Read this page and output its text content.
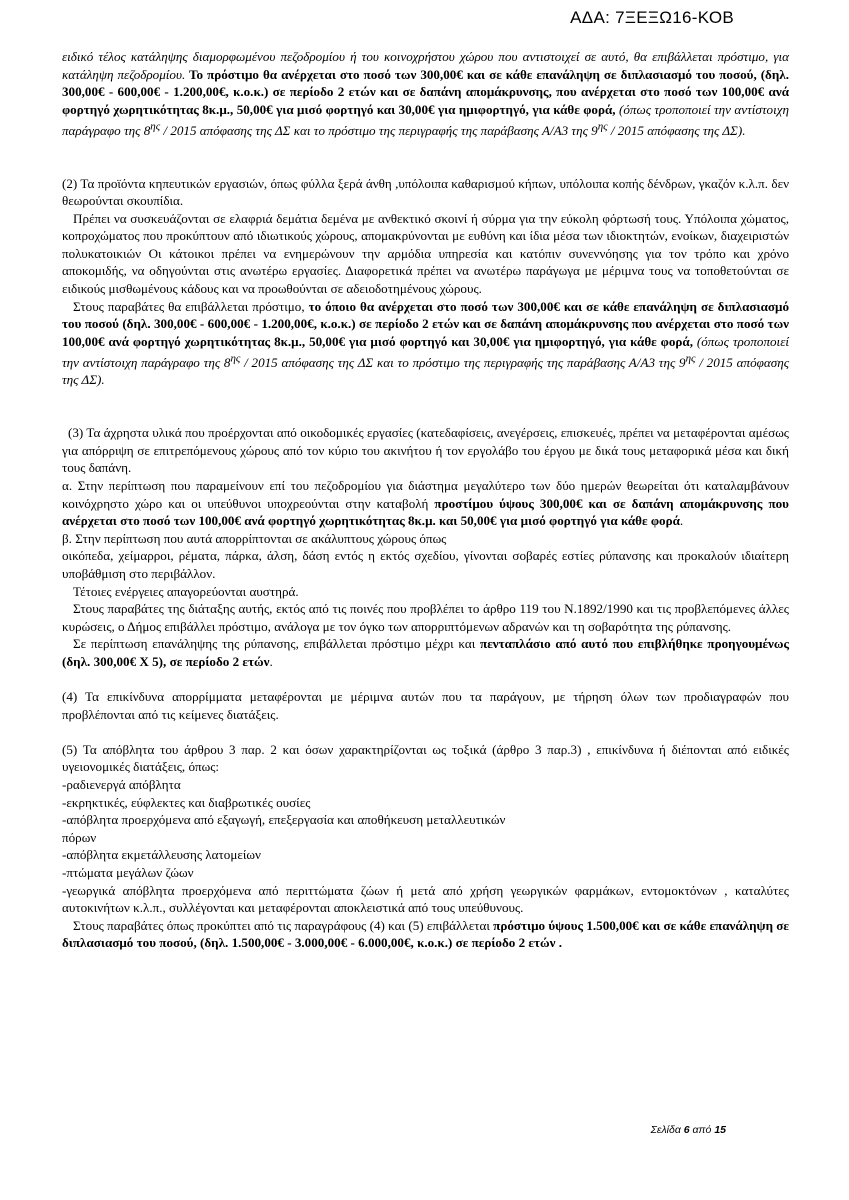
ΑΔΑ: 7ΞΕΞΩ16-ΚΟΒ

ειδικό τέλος κατάληψης διαμορφωμένου πεζοδρομίου ή του κοινοχρήστου χώρου που αντιστοιχεί σε αυτό, θα επιβάλλεται πρόστιμο, για κατάληψη πεζοδρομίου. Το πρόστιμο θα ανέρχεται στο ποσό των 300,00€ και σε κάθε επανάληψη σε διπλασιασμό του ποσού, (δηλ. 300,00€ - 600,00€ - 1.200,00€, κ.ο.κ.) σε περίοδο 2 ετών και σε δαπάνη απομάκρυνσης, που ανέρχεται στο ποσό των 100,00€ ανά φορτηγό χωρητικότητας 8κ.μ., 50,00€ για μισό φορτηγό και 30,00€ για ημιφορτηγό, για κάθε φορά, (όπως τροποποιεί την αντίστοιχη παράγραφο της $8^{\eta\varsigma} / 2015$ απόφασης της ΔΣ και το πρόστιμο της περιγραφής της παράβασης Α/Α3 της $9^{\eta\varsigma} / 2015$ απόφασης της ΔΣ).

(2) Τα προϊόντα κηπευτικών εργασιών, όπως φύλλα ξερά άνθη ,υπόλοιπα καθαρισμού κήπων, υπόλοιπα κοπής δένδρων, γκαζόν κ.λ.π. δεν θεωρούνται σκουπίδια.

Πρέπει να συσκευάζονται σε ελαφριά δεμάτια δεμένα με ανθεκτικό σκοινί ή σύρμα για την εύκολη φόρτωσή τους. Υπόλοιπα χώματος, κοπροχώματος που προκύπτουν από ιδιωτικούς χώρους, απομακρύνονται με ευθύνη και ίδια μέσα των ιδιοκτητών, ενοίκων, διαχειριστών πολυκατοικιών Οι κάτοικοι πρέπει να ενημερώνουν την αρμόδια υπηρεσία και κατόπιν συνεννόησης για τον τρόπο και χρόνο αποκομιδής, να οδηγούνται στις ανωτέρω εργασίες. Διαφορετικά πρέπει να ανωτέρω παράγωγα με μέριμνα τους να τοποθετούνται σε ειδικούς μισθωμένους κάδους και να προωθούνται σε αδειοδοτημένους χώρους.

Στους παραβάτες θα επιβάλλεται πρόστιμο, το όποιο θα ανέρχεται στο ποσό των 300,00€ και σε κάθε επανάληψη σε διπλασιασμό του ποσού (δηλ. 300,00€ - 600,00€ - 1.200,00€, κ.ο.κ.) σε περίοδο 2 ετών και σε δαπάνη απομάκρυνσης που ανέρχεται στο ποσό των 100,00€ ανά φορτηγό χωρητικότητας 8κ.μ., 50,00€ για μισό φορτηγό και 30,00€ για ημιφορτηγό, για κάθε φορά, (όπως τροποποιεί την αντίστοιχη παράγραφο της $8^{\eta\varsigma} / 2015$ απόφασης της ΔΣ και το πρόστιμο της περιγραφής της παράβασης Α/Α3 της $9^{\eta\varsigma} / 2015$ απόφασης της ΔΣ).

(3) Τα άχρηστα υλικά που προέρχονται από οικοδομικές εργασίες (κατεδαφίσεις, ανεγέρσεις, επισκευές, πρέπει να μεταφέρονται αμέσως για απόρριψη σε επιτρεπόμενους χώρους από τον κύριο του ακινήτου ή τον εργολάβο του έργου με δικά τους μεταφορικά μέσα και δική τους δαπάνη.

α. Στην περίπτωση που παραμείνουν επί του πεζοδρομίου για διάστημα μεγαλύτερο των δύο ημερών θεωρείται ότι καταλαμβάνουν κοινόχρηστο χώρο και οι υπεύθυνοι υποχρεούνται στην καταβολή προστίμου ύψους 300,00€ και σε δαπάνη απομάκρυνσης που ανέρχεται στο ποσό των 100,00€ ανά φορτηγό χωρητικότητας 8κ.μ. και 50,00€ για μισό φορτηγό για κάθε φορά.

β. Στην περίπτωση που αυτά απορρίπτονται σε ακάλυπτους χώρους όπως

οικόπεδα, χείμαρροι, ρέματα, πάρκα, άλση, δάση εντός η εκτός σχεδίου, γίνονται σοβαρές εστίες ρύπανσης και προκαλούν ιδιαίτερη υποβάθμιση στο περιβάλλον.

Τέτοιες ενέργειες απαγορεύονται αυστηρά.

Στους παραβάτες της διάταξης αυτής, εκτός από τις ποινές που προβλέπει το άρθρο 119 του Ν.1892/1990 και τις προβλεπόμενες άλλες κυρώσεις, ο Δήμος επιβάλλει πρόστιμο, ανάλογα με τον όγκο των απορριπτόμενων αδρανών και τη σοβαρότητα της ρύπανσης.

Σε περίπτωση επανάληψης της ρύπανσης, επιβάλλεται πρόστιμο μέχρι και πενταπλάσιο από αυτό που επιβλήθηκε προηγουμένως (δηλ. 300,00€ Χ 5), σε περίοδο 2 ετών.

(4) Τα επικίνδυνα απορρίμματα μεταφέρονται με μέριμνα αυτών που τα παράγουν, με τήρηση όλων των προδιαγραφών που προβλέπονται από τις κείμενες διατάξεις.

(5) Τα απόβλητα του άρθρου 3 παρ. 2 και όσων χαρακτηρίζονται ως τοξικά (άρθρο 3 παρ.3) , επικίνδυνα ή διέπονται από ειδικές υγειονομικές διατάξεις, όπως:

-ραδιενεργά απόβλητα

-εκρηκτικές, εύφλεκτες και διαβρωτικές ουσίες

-απόβλητα προερχόμενα από εξαγωγή, επεξεργασία και αποθήκευση μεταλλευτικών

πόρων

-απόβλητα εκμετάλλευσης λατομείων

-πτώματα μεγάλων ζώων

-γεωργικά απόβλητα προερχόμενα από περιττώματα ζώων ή μετά από χρήση γεωργικών φαρμάκων, εντομοκτόνων , καταλύτες αυτοκινήτων κ.λ.π., συλλέγονται και μεταφέρονται αποκλειστικά από τους υπεύθυνους.

Στους παραβάτες όπως προκύπτει από τις παραγράφους (4) και (5) επιβάλλεται πρόστιμο ύψους 1.500,00€ και σε κάθε επανάληψη σε διπλασιασμό του ποσού, (δηλ. 1.500,00€ - 3.000,00€ - 6.000,00€, κ.ο.κ.) σε περίοδο 2 ετών .

Σελίδα 6 από 15
